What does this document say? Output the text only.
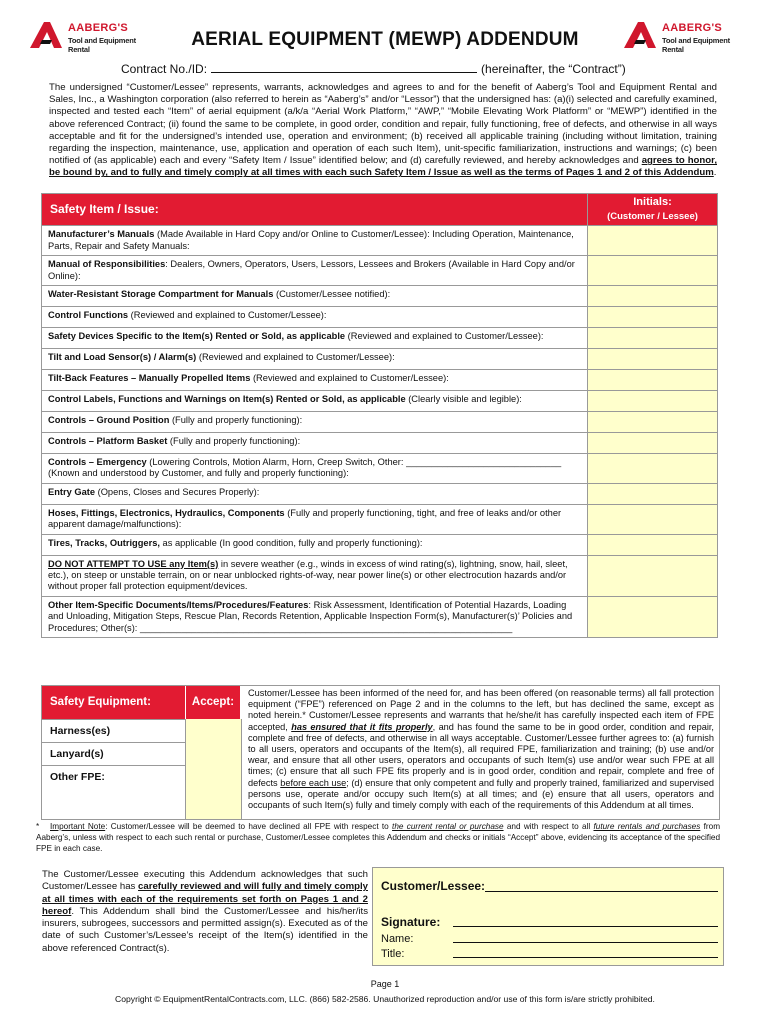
AABERG'S
Tool and Equipment Rental
AABERG'S
Tool and Equipment Rental
AERIAL EQUIPMENT (MEWP) ADDENDUM
Contract No./ID:	(hereinafter, the “Contract”)
The undersigned “Customer/Lessee” represents, warrants, acknowledges and agrees to and for the benefit of Aaberg’s Tool and Equipment Rental and Sales, Inc., a Washington corporation (also referred to herein as “Aaberg’s” and/or “Lessor”) that the undersigned has: (a)(i) selected and carefully examined, inspected and tested each “Item” of aerial equipment (a/k/a “Aerial Work Platform,” “AWP,” “Mobile Elevating Work Platform” or “MEWP”) identified in the above referenced Contract; (ii) found the same to be complete, in good order, condition and repair, fully functioning, free of defects, and otherwise in all ways acceptable and fit for the undersigned’s intended use, operation and environment; (b) received all applicable training (including without limitation, training regarding the inspection, maintenance, use, application and operation of each such Item), unit-specific familiarization, instructions and warnings; (c) been notified of (as applicable) each and every “Safety Item / Issue” identified below; and (d) carefully reviewed, and hereby acknowledges and agrees to honor, be bound by, and to fully and timely comply at all times with each such Safety Item / Issue as well as the terms of Pages 1 and 2 of this Addendum.
Safety Item / Issue:	Initials:
(Customer / Lessee)

Manufacturer’s Manuals (Made Available in Hard Copy and/or Online to Customer/Lessee): Including Operation, Maintenance, Parts, Repair and Safety Manuals:	
Manual of Responsibilities: Dealers, Owners, Operators, Users, Lessors, Lessees and Brokers (Available in Hard Copy and/or Online):	
Water-Resistant Storage Compartment for Manuals (Customer/Lessee notified):	
Control Functions (Reviewed and explained to Customer/Lessee):	
Safety Devices Specific to the Item(s) Rented or Sold, as applicable (Reviewed and explained to Customer/Lessee):	
Tilt and Load Sensor(s) / Alarm(s) (Reviewed and explained to Customer/Lessee):	
Tilt-Back Features – Manually Propelled Items (Reviewed and explained to Customer/Lessee):	
Control Labels, Functions and Warnings on Item(s) Rented or Sold, as applicable (Clearly visible and legible):	
Controls – Ground Position (Fully and properly functioning):	
Controls – Platform Basket (Fully and properly functioning):	
Controls – Emergency (Lowering Controls, Motion Alarm, Horn, Creep Switch, Other: ______________________________ (Known and understood by Customer, and fully and properly functioning):	
Entry Gate (Opens, Closes and Secures Properly):	
Hoses, Fittings, Electronics, Hydraulics, Components (Fully and properly functioning, tight, and free of leaks and/or other apparent damage/malfunctions):	
Tires, Tracks, Outriggers, as applicable (In good condition, fully and properly functioning):	
DO NOT ATTEMPT TO USE any Item(s) in severe weather (e.g., winds in excess of wind rating(s), lightning, snow, hail, sleet, etc.), on steep or unstable terrain, on or near unblocked rights-of-way, near power line(s) or other electrocution hazards and/or without proper fall protection equipment/devices.	
Other Item-Specific Documents/Items/Procedures/Features: Risk Assessment, Identification of Potential Hazards, Loading and Unloading, Mitigation Steps, Rescue Plan, Records Retention, Applicable Inspection Form(s), Manufacturer(s)’ Policies and Procedures; Other(s): ________________________________________________________________________	
Safety Equipment:	Accept:
Harness(es)
Lanyard(s)
Other FPE:
Customer/Lessee has been informed of the need for, and has been offered (on reasonable terms) all fall protection equipment (“FPE”) referenced on Page 2 and in the columns to the left, but has declined the same, except as noted herein.* Customer/Lessee represents and warrants that he/she/it has carefully inspected each item of FPE accepted, has ensured that it fits properly, and has found the same to be in good order, condition and repair, complete and free of defects, and otherwise in all ways acceptable. Customer/Lessee further agrees to: (a) furnish to all users, operators and occupants of the Item(s), all required FPE, familiarization and training; (b) use and/or wear, and ensure that all other users, operators and occupants of such Item(s) use and/or wear such FPE at all times; (c) ensure that all such FPE fits properly and is in good order, condition and repair, complete and free of defects before each use; (d) ensure that only competent and fully and properly trained, familiarized and supervised persons use, operate and/or occupy such Item(s) at all times; and (e) ensure that all users, operators and occupants of such Item(s) fully and timely comply with each of the requirements of this Addendum at all times.
* Important Note: Customer/Lessee will be deemed to have declined all FPE with respect to the current rental or purchase and with respect to all future rentals and purchases from Aaberg’s, unless with respect to each such rental or purchase, Customer/Lessee completes this Addendum and checks or initials “Accept” above, evidencing its acceptance of the specified FPE in each case.
The Customer/Lessee executing this Addendum acknowledges that such Customer/Lessee has carefully reviewed and will fully and timely comply at all times with each of the requirements set forth on Pages 1 and 2 hereof. This Addendum shall bind the Customer/Lessee and his/her/its insurers, subrogees, successors and permitted assign(s). Executed as of the date of such Customer’s/Lessee’s receipt of the Item(s) identified in the above referenced Contract(s).
Customer/Lessee:
Signature:
Name:
Title:
Page 1
Copyright © EquipmentRentalContracts.com, LLC. (866) 582-2586. Unauthorized reproduction and/or use of this form is/are strictly prohibited.
